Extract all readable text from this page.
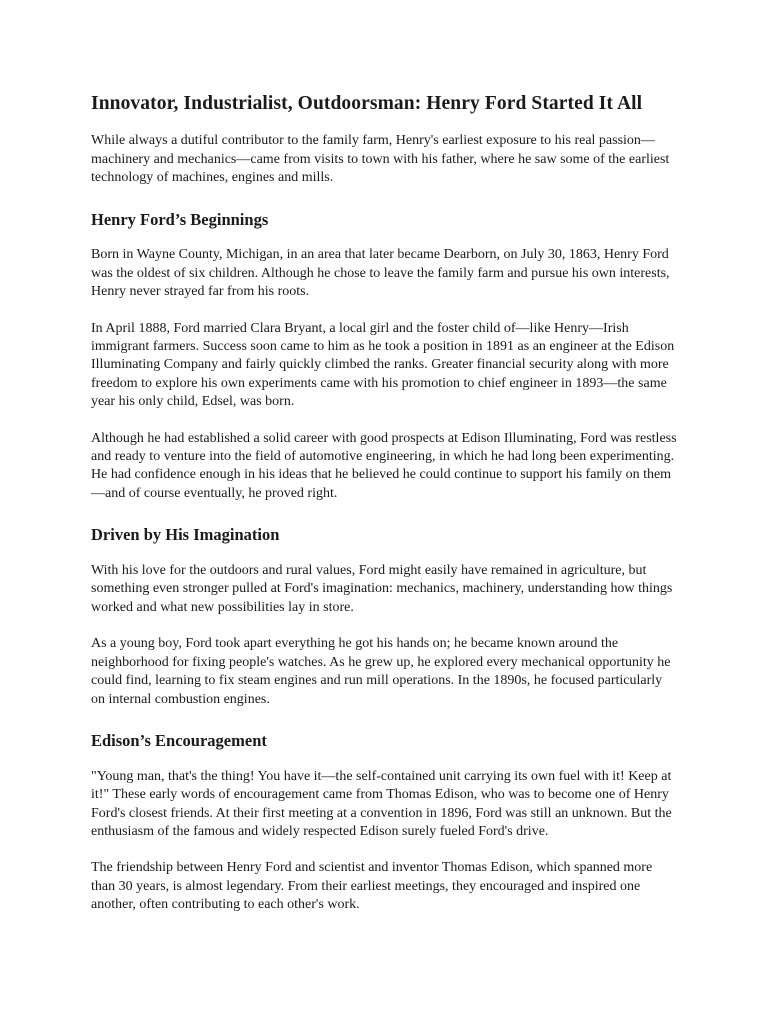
Innovator, Industrialist, Outdoorsman: Henry Ford Started It All

While always a dutiful contributor to the family farm, Henry's earliest exposure to his real passion—machinery and mechanics—came from visits to town with his father, where he saw some of the earliest technology of machines, engines and mills.

Henry Ford’s Beginnings

Born in Wayne County, Michigan, in an area that later became Dearborn, on July 30, 1863, Henry Ford was the oldest of six children. Although he chose to leave the family farm and pursue his own interests, Henry never strayed far from his roots.

In April 1888, Ford married Clara Bryant, a local girl and the foster child of—like Henry—Irish immigrant farmers. Success soon came to him as he took a position in 1891 as an engineer at the Edison Illuminating Company and fairly quickly climbed the ranks. Greater financial security along with more freedom to explore his own experiments came with his promotion to chief engineer in 1893—the same year his only child, Edsel, was born.

Although he had established a solid career with good prospects at Edison Illuminating, Ford was restless and ready to venture into the field of automotive engineering, in which he had long been experimenting. He had confidence enough in his ideas that he believed he could continue to support his family on them—and of course eventually, he proved right.

Driven by His Imagination

With his love for the outdoors and rural values, Ford might easily have remained in agriculture, but something even stronger pulled at Ford's imagination: mechanics, machinery, understanding how things worked and what new possibilities lay in store.

As a young boy, Ford took apart everything he got his hands on; he became known around the neighborhood for fixing people's watches. As he grew up, he explored every mechanical opportunity he could find, learning to fix steam engines and run mill operations. In the 1890s, he focused particularly on internal combustion engines.

Edison’s Encouragement

"Young man, that's the thing! You have it—the self-contained unit carrying its own fuel with it! Keep at it!" These early words of encouragement came from Thomas Edison, who was to become one of Henry Ford's closest friends. At their first meeting at a convention in 1896, Ford was still an unknown. But the enthusiasm of the famous and widely respected Edison surely fueled Ford's drive.

The friendship between Henry Ford and scientist and inventor Thomas Edison, which spanned more than 30 years, is almost legendary. From their earliest meetings, they encouraged and inspired one another, often contributing to each other's work.
